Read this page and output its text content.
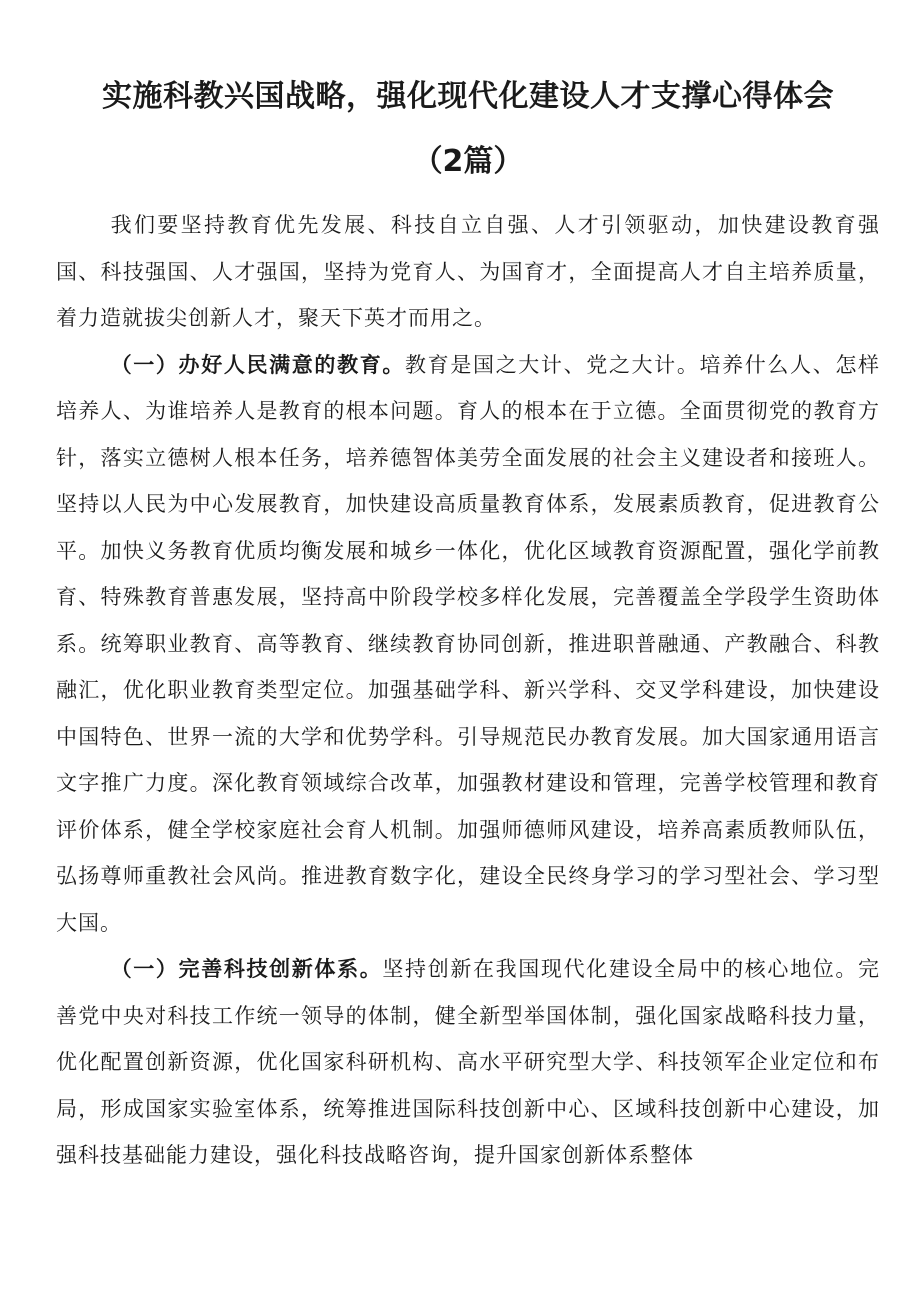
实施科教兴国战略，强化现代化建设人才支撑心得体会
（2篇）

我们要坚持教育优先发展、科技自立自强、人才引领驱动，加快建设教育强国、科技强国、人才强国，坚持为党育人、为国育才，全面提高人才自主培养质量，着力造就拔尖创新人才，聚天下英才而用之。

（一）办好人民满意的教育。教育是国之大计、党之大计。培养什么人、怎样培养人、为谁培养人是教育的根本问题。育人的根本在于立德。全面贯彻党的教育方针，落实立德树人根本任务，培养德智体美劳全面发展的社会主义建设者和接班人。坚持以人民为中心发展教育，加快建设高质量教育体系，发展素质教育，促进教育公平。加快义务教育优质均衡发展和城乡一体化，优化区域教育资源配置，强化学前教育、特殊教育普惠发展，坚持高中阶段学校多样化发展，完善覆盖全学段学生资助体系。统筹职业教育、高等教育、继续教育协同创新，推进职普融通、产教融合、科教融汇，优化职业教育类型定位。加强基础学科、新兴学科、交叉学科建设，加快建设中国特色、世界一流的大学和优势学科。引导规范民办教育发展。加大国家通用语言文字推广力度。深化教育领域综合改革，加强教材建设和管理，完善学校管理和教育评价体系，健全学校家庭社会育人机制。加强师德师风建设，培养高素质教师队伍，弘扬尊师重教社会风尚。推进教育数字化，建设全民终身学习的学习型社会、学习型大国。

（一）完善科技创新体系。坚持创新在我国现代化建设全局中的核心地位。完善党中央对科技工作统一领导的体制，健全新型举国体制，强化国家战略科技力量，优化配置创新资源，优化国家科研机构、高水平研究型大学、科技领军企业定位和布局，形成国家实验室体系，统筹推进国际科技创新中心、区域科技创新中心建设，加强科技基础能力建设，强化科技战略咨询，提升国家创新体系整体
